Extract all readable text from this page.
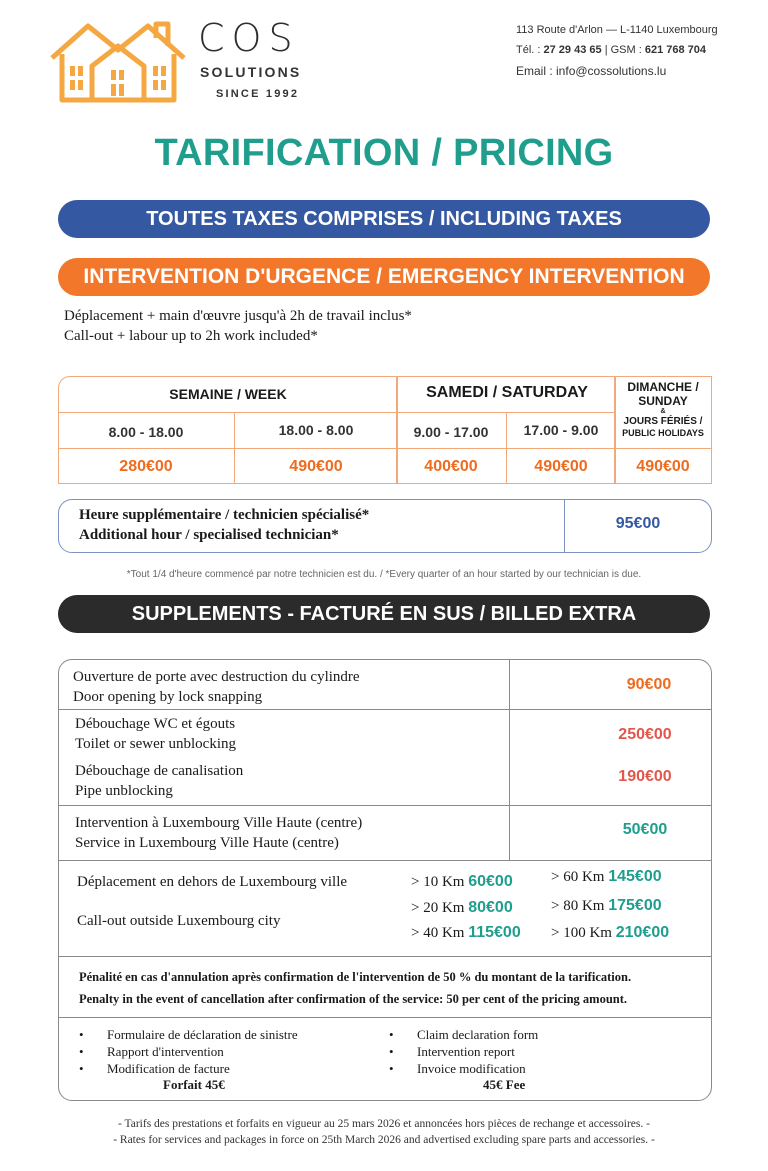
COS
SOLUTIONS
SINCE 1992
113 Route d'Arlon — L-1140 Luxembourg
Tél. : 27 29 43 65 | GSM : 621 768 704
Email : info@cossolutions.lu
TARIFICATION / PRICING
TOUTES TAXES COMPRISES / INCLUDING TAXES
INTERVENTION D'URGENCE / EMERGENCY INTERVENTION
Déplacement + main d'œuvre jusqu'à 2h de travail inclus*
Call-out + labour up to 2h work included*
SEMAINE / WEEK	SAMEDI / SATURDAY	DIMANCHE /
SUNDAY
&
JOURS FÉRIÉS /
PUBLIC HOLIDAYS
8.00 - 18.00	18.00 - 8.00	9.00 - 17.00	17.00 - 9.00
280€00	490€00	400€00	490€00	490€00
Heure supplémentaire / technicien spécialisé*
Additional hour / specialised technician*
95€00
*Tout 1/4 d'heure commencé par notre technicien est du. / *Every quarter of an hour started by our technician is due.
SUPPLEMENTS - FACTURÉ EN SUS / BILLED EXTRA
Ouverture de porte avec destruction du cylindre
Door opening by lock snapping
90€00
Débouchage WC et égouts
Toilet or sewer unblocking
250€00
Débouchage de canalisation
Pipe unblocking
190€00
Intervention à Luxembourg Ville Haute (centre)
Service in Luxembourg Ville Haute (centre)
50€00
Déplacement en dehors de Luxembourg ville
Call-out outside Luxembourg city
> 10 Km 60€00
> 20 Km 80€00
> 40 Km 115€00
> 60 Km 145€00
> 80 Km 175€00
> 100 Km 210€00
Pénalité en cas d'annulation après confirmation de l'intervention de 50 % du montant de la tarification.
Penalty in the event of cancellation after confirmation of the service: 50 per cent of the pricing amount.
• Formulaire de déclaration de sinistre
• Rapport d'intervention
• Modification de facture
• Claim declaration form
• Intervention report
• Invoice modification
Forfait 45€	45€ Fee
- Tarifs des prestations et forfaits en vigueur au 25 mars 2026 et annoncées hors pièces de rechange et accessoires. -
- Rates for services and packages in force on 25th March 2026 and advertised excluding spare parts and accessories. -
